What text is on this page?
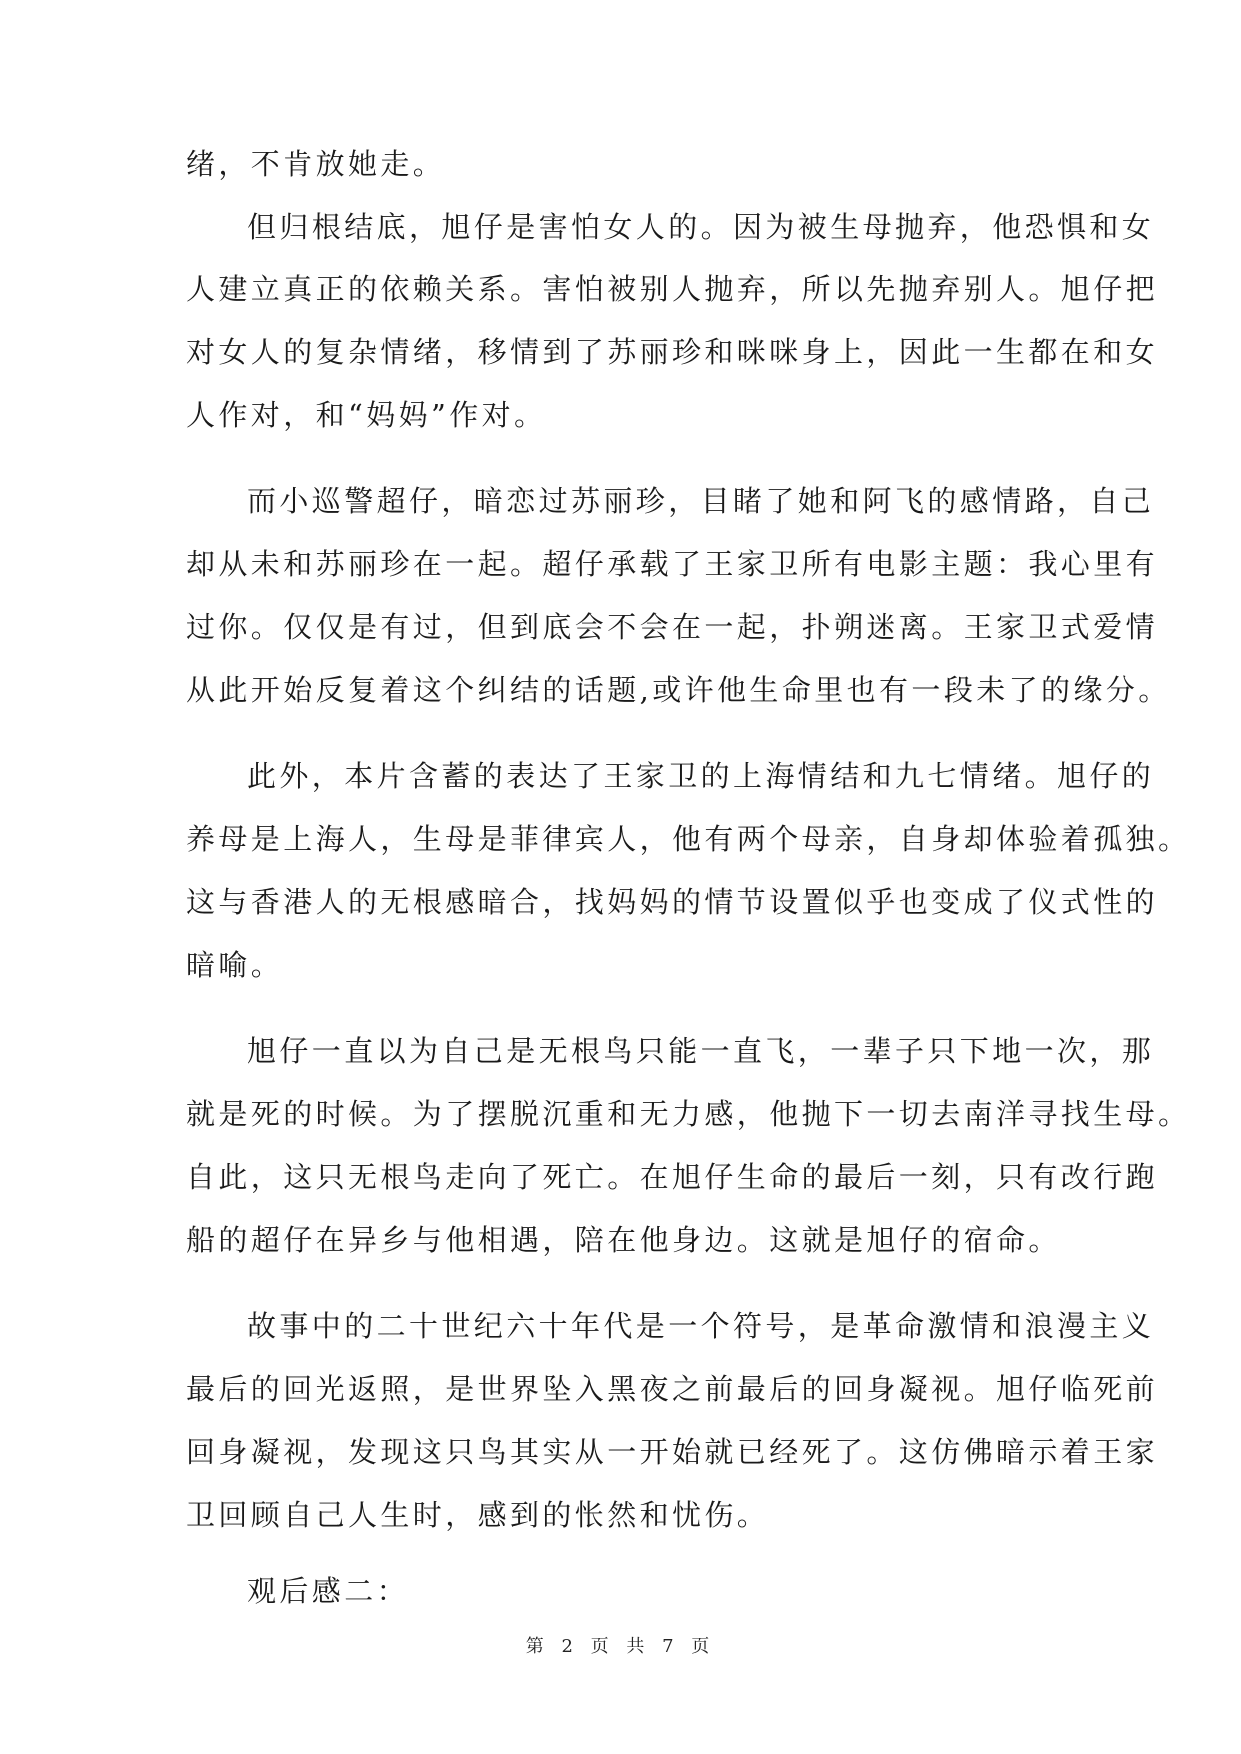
绪，不肯放她走。
但归根结底，旭仔是害怕女人的。因为被生母抛弃，他恐惧和女
人建立真正的依赖关系。害怕被别人抛弃，所以先抛弃别人。旭仔把
对女人的复杂情绪，移情到了苏丽珍和咪咪身上，因此一生都在和女
人作对，和“妈妈”作对。
而小巡警超仔，暗恋过苏丽珍，目睹了她和阿飞的感情路，自己
却从未和苏丽珍在一起。超仔承载了王家卫所有电影主题：我心里有
过你。仅仅是有过，但到底会不会在一起，扑朔迷离。王家卫式爱情
从此开始反复着这个纠结的话题,或许他生命里也有一段未了的缘分。
此外，本片含蓄的表达了王家卫的上海情结和九七情绪。旭仔的
养母是上海人，生母是菲律宾人，他有两个母亲，自身却体验着孤独。
这与香港人的无根感暗合，找妈妈的情节设置似乎也变成了仪式性的
暗喻。
旭仔一直以为自己是无根鸟只能一直飞，一辈子只下地一次，那
就是死的时候。为了摆脱沉重和无力感，他抛下一切去南洋寻找生母。
自此，这只无根鸟走向了死亡。在旭仔生命的最后一刻，只有改行跑
船的超仔在异乡与他相遇，陪在他身边。这就是旭仔的宿命。
故事中的二十世纪六十年代是一个符号，是革命激情和浪漫主义
最后的回光返照，是世界坠入黑夜之前最后的回身凝视。旭仔临死前
回身凝视，发现这只鸟其实从一开始就已经死了。这仿佛暗示着王家
卫回顾自己人生时，感到的怅然和忧伤。
观后感二：
第 2 页 共 7 页
